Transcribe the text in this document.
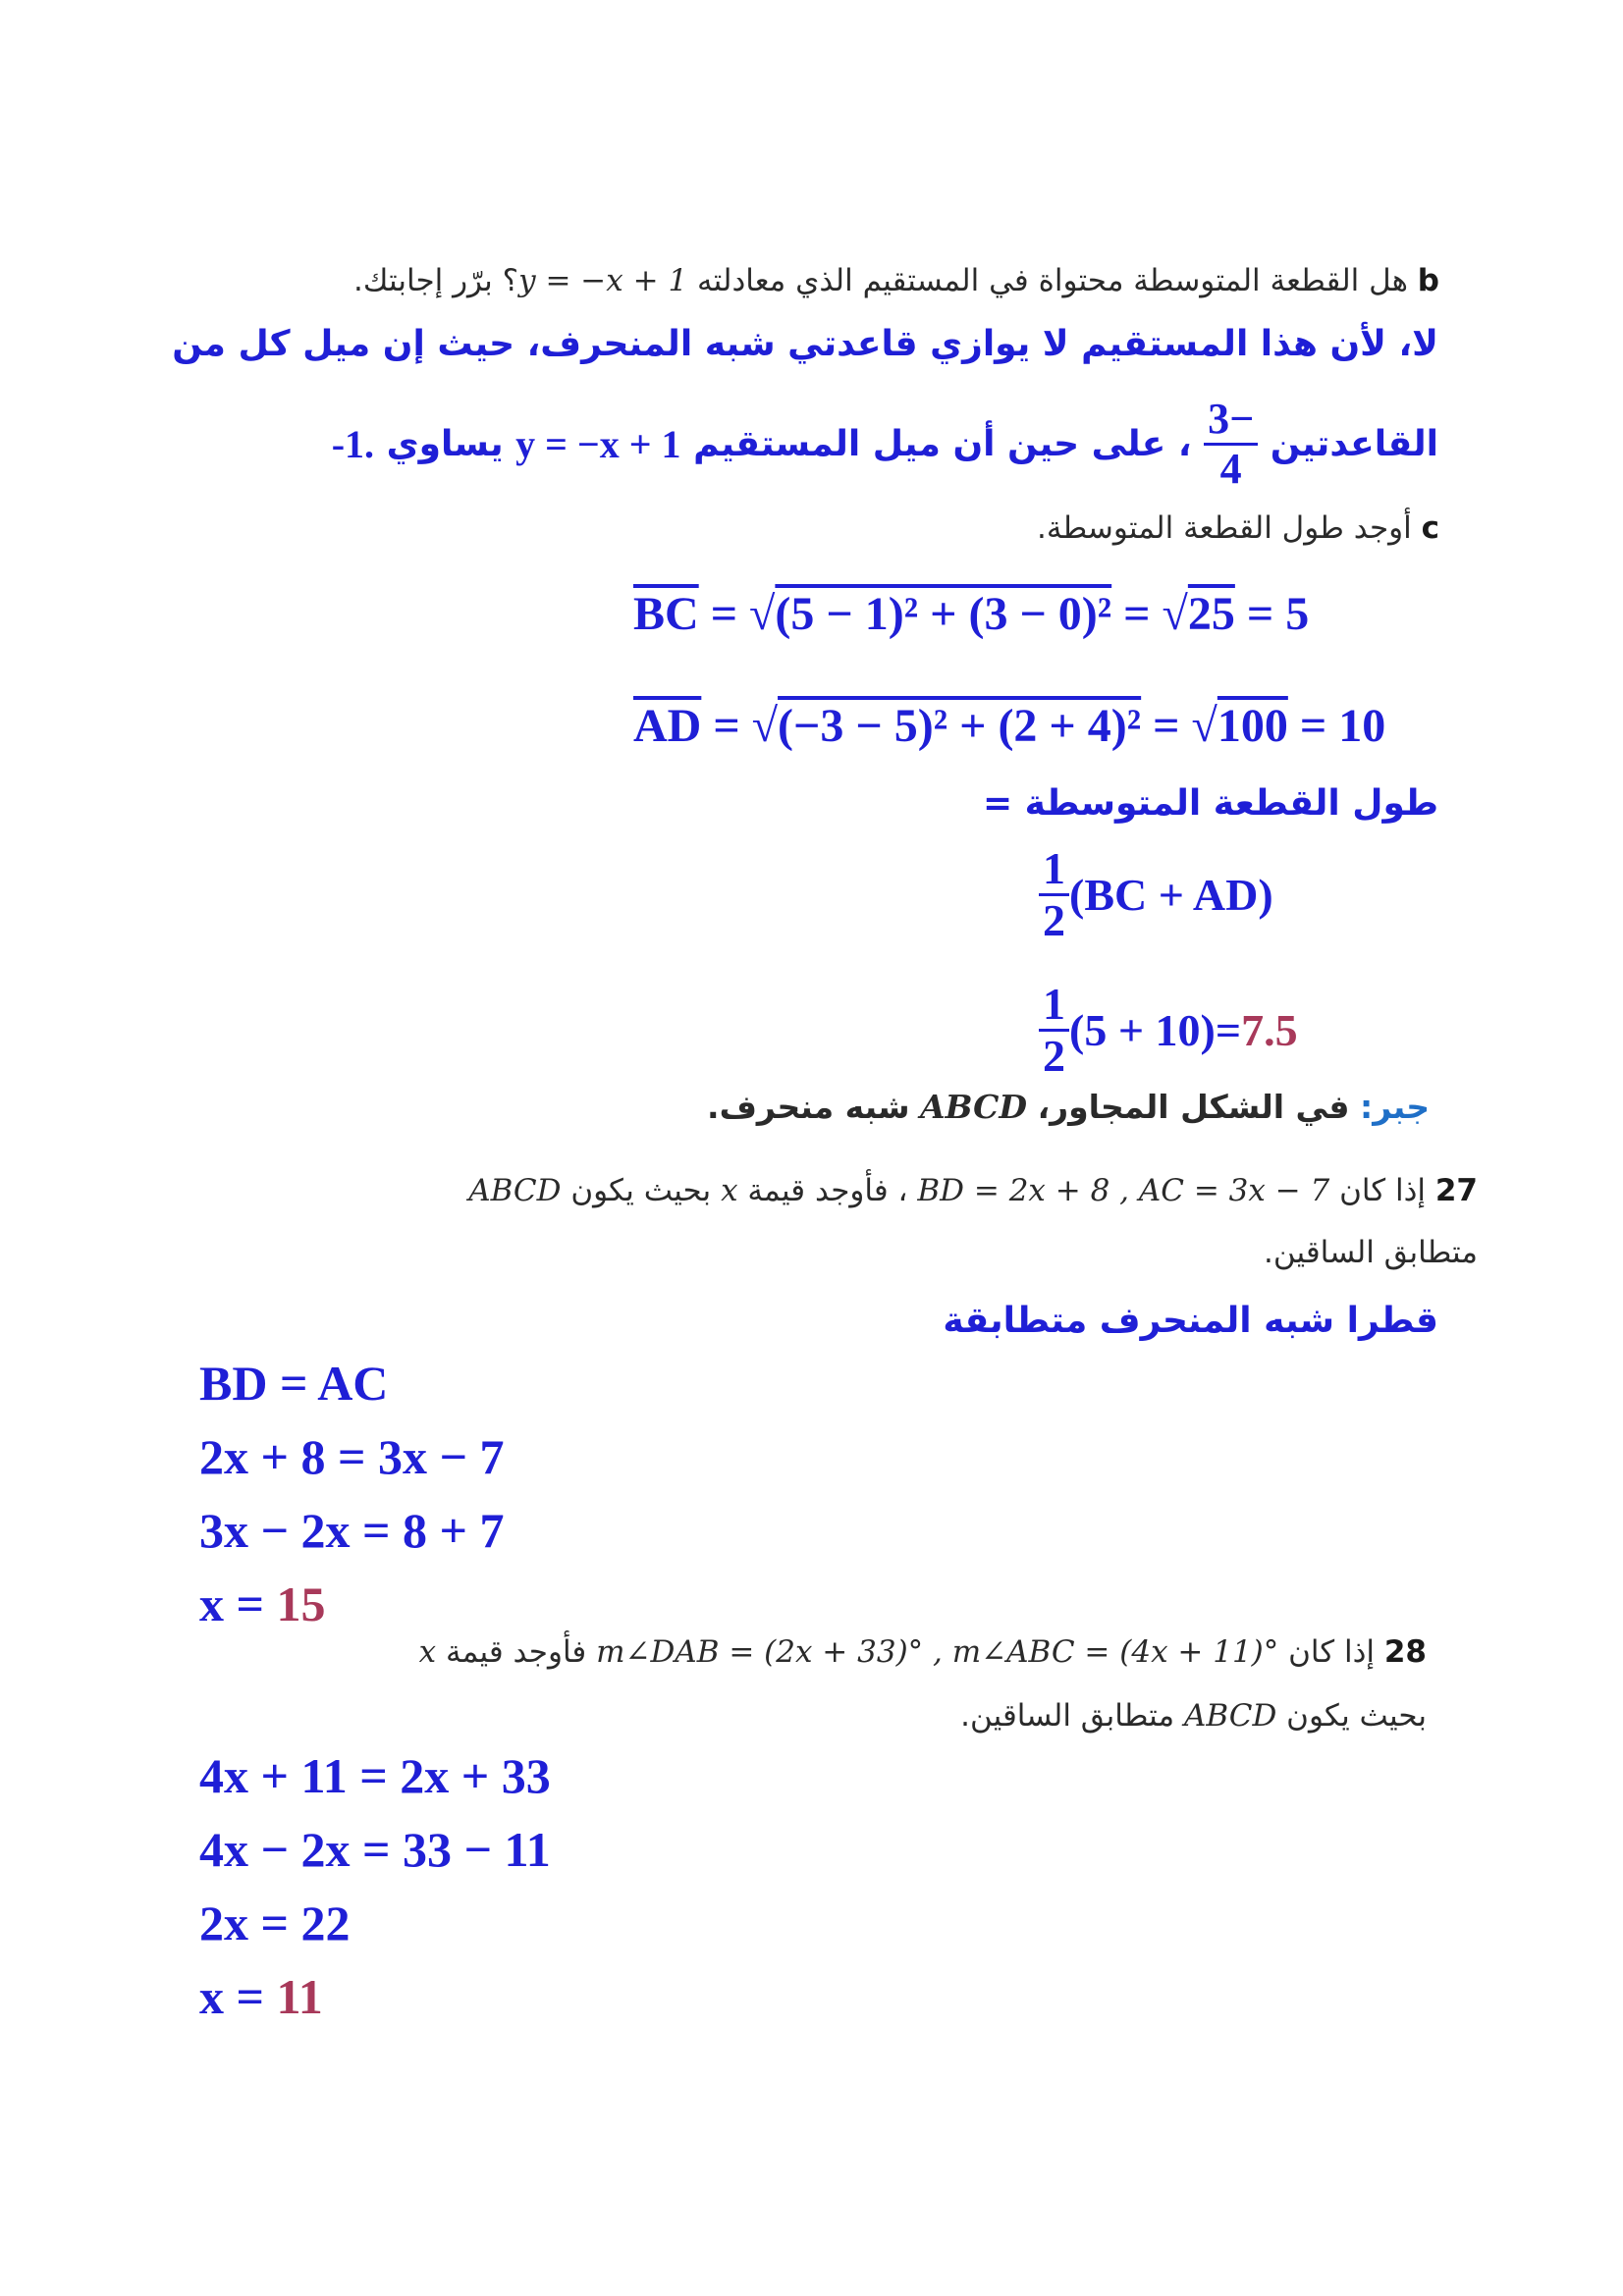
b هل القطعة المتوسطة محتواة في المستقيم الذي معادلته y = −x + 1؟ برّر إجابتك.
لا، لأن هذا المستقيم لا يوازي قاعدتي شبه المنحرف، حيث إن ميل كل من
القاعدتين

$\frac{-3}{4}$

، على حين أن ميل المستقيم

y = −x + 1

يساوي

-1.
c أوجد طول القطعة المتوسطة.
$\overline{BC} = √(5 - 1)^2 + (3 - 0)^2 = √25 = 5$
$\overline{AD} = √(-3 - 5)^2 + (2 + 4)^2 = √100 = 10$
طول القطعة المتوسطة =
$\frac{1}{2} (BC + AD)$
$\frac{1}{2} (5 + 10) = 7.5$
جبر: في الشكل المجاور، ABCD شبه منحرف.
27 إذا كان BD = 2x + 8 , AC = 3x − 7 ، فأوجد قيمة x بحيث يكون ABCD
متطابق الساقين.
قطرا شبه المنحرف متطابقة
BD = AC
2x + 8 = 3x − 7
3x − 2x = 8 + 7
x = 15
28 إذا كان m∠DAB = (2x + 33)° , m∠ABC = (4x + 11)° فأوجد قيمة x
بحيث يكون ABCD متطابق الساقين.
4x + 11 = 2x + 33
4x − 2x = 33 − 11
2x = 22
x = 11
